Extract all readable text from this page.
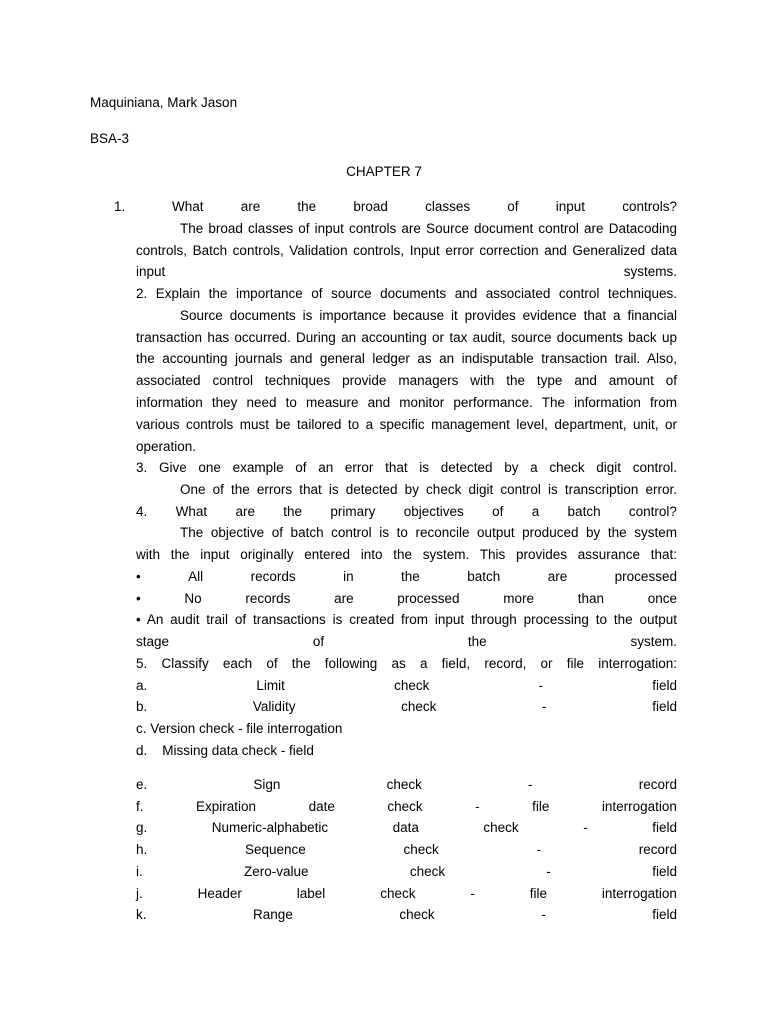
Maquiniana, Mark Jason
BSA-3
CHAPTER 7
1.	What	are	the	broad	classes	of	input	controls?
The broad classes of input controls are Source document control are Datacoding
controls, Batch controls, Validation controls, Input error correction and Generalized data
input	systems.
2. Explain the importance of source documents and associated control techniques.
Source documents is importance because it provides evidence that a financial
transaction has occurred. During an accounting or tax audit, source documents back up
the accounting journals and general ledger as an indisputable transaction trail. Also,
associated control techniques provide managers with the type and amount of
information they need to measure and monitor performance. The information from
various controls must be tailored to a specific management level, department, unit, or
operation.
3. Give one example of an error that is detected by a check digit control.
One of the errors that is detected by check digit control is transcription error.
4. What are the primary objectives of a batch control?
The objective of batch control is to reconcile output produced by the system
with the input originally entered into the system. This provides assurance that:
•	All	records	in	the	batch	are	processed
•	No	records	are	processed	more	than	once
• An audit trail of transactions is created from input through processing to the output
stage	of	the	system.
5. Classify each of the following as a field, record, or file interrogation:
a.	Limit	check	-	field
b.	Validity	check	-	field
c. Version check - file interrogation
d.    Missing data check - field
e.	Sign	check	-	record
f.	Expiration	date	check	-	file	interrogation
g.	Numeric-alphabetic	data	check	-	field
h.	Sequence	check	-	record
i.	Zero-value	check	-	field
j.	Header	label	check	-	file	interrogation
k.	Range	check	-	field
